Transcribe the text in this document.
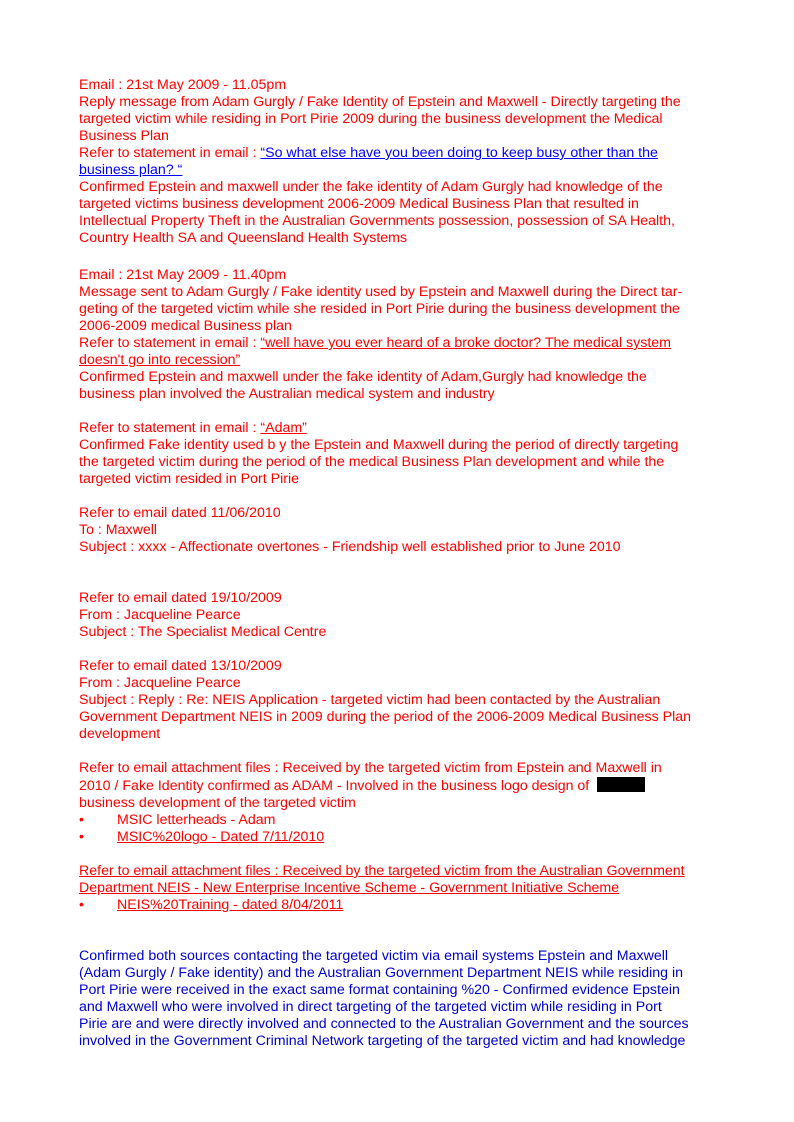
Email : 21st May 2009 - 11.05pm
Reply message from Adam Gurgly / Fake Identity of Epstein and Maxwell - Directly targeting the
targeted victim while residing in Port Pirie 2009 during the business development the Medical
Business Plan
Refer to statement in email : “So what else have you been doing to keep busy other than the
business plan? “
Confirmed Epstein and maxwell under the fake identity of Adam Gurgly had knowledge of the
targeted victims business development 2006-2009 Medical Business Plan that resulted in
Intellectual Property Theft in the Australian Governments possession, possession of SA Health,
Country Health SA and Queensland Health Systems
Email : 21st May 2009 - 11.40pm
Message sent to Adam Gurgly / Fake identity used by Epstein and Maxwell during the Direct tar-
geting of the targeted victim while she resided in Port Pirie during the business development the
2006-2009 medical Business plan
Refer to statement in email : “well have you ever heard of a broke doctor? The medical system
doesn't go into recession”
Confirmed Epstein and maxwell under the fake identity of Adam,Gurgly had knowledge the
business plan involved the Australian medical system and industry
Refer to statement in email : “Adam”
Confirmed Fake identity used b y the Epstein and Maxwell during the period of directly targeting
the targeted victim during the period of the medical Business Plan development and while the
targeted victim resided in Port Pirie
Refer to email dated 11/06/2010
To : Maxwell
Subject : xxxx - Affectionate overtones - Friendship well established prior to June 2010
Refer to email dated 19/10/2009
From : Jacqueline Pearce
Subject : The Specialist Medical Centre
Refer to email dated 13/10/2009
From : Jacqueline Pearce
Subject : Reply : Re: NEIS Application - targeted victim had been contacted by the Australian
Government Department NEIS in 2009 during the period of the 2006-2009 Medical Business Plan
development
Refer to email attachment files : Received by the targeted victim from Epstein and Maxwell in
2010 / Fake Identity confirmed as ADAM - Involved in the business logo design of
business development of the targeted victim
• MSIC letterheads - Adam
• MSIC%20logo - Dated 7/11/2010
Refer to email attachment files : Received by the targeted victim from the Australian Government
Department NEIS - New Enterprise Incentive Scheme - Government Initiative Scheme
• NEIS%20Training - dated 8/04/2011
Confirmed both sources contacting the targeted victim via email systems Epstein and Maxwell
(Adam Gurgly / Fake identity) and the Australian Government Department NEIS while residing in
Port Pirie were received in the exact same format containing %20 - Confirmed evidence Epstein
and Maxwell who were involved in direct targeting of the targeted victim while residing in Port
Pirie are and were directly involved and connected to the Australian Government and the sources
involved in the Government Criminal Network targeting of the targeted victim and had knowledge
